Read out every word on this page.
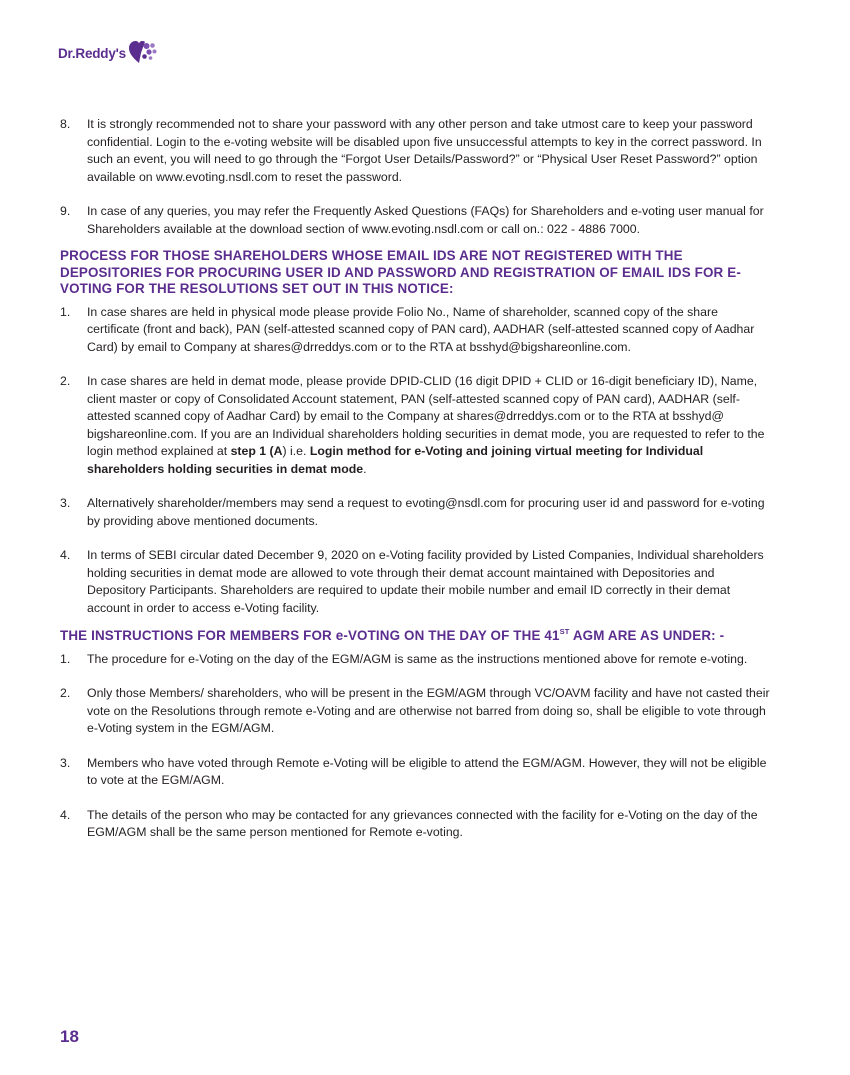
Dr.Reddy's
8.	It is strongly recommended not to share your password with any other person and take utmost care to keep your password confidential. Login to the e-voting website will be disabled upon five unsuccessful attempts to key in the correct password. In such an event, you will need to go through the “Forgot User Details/Password?” or “Physical User Reset Password?” option available on www.evoting.nsdl.com to reset the password.
9.	In case of any queries, you may refer the Frequently Asked Questions (FAQs) for Shareholders and e-voting user manual for Shareholders available at the download section of www.evoting.nsdl.com or call on.: 022 - 4886 7000.
PROCESS FOR THOSE SHAREHOLDERS WHOSE EMAIL IDS ARE NOT REGISTERED WITH THE DEPOSITORIES FOR PROCURING USER ID AND PASSWORD AND REGISTRATION OF EMAIL IDS FOR E-VOTING FOR THE RESOLUTIONS SET OUT IN THIS NOTICE:
1.	In case shares are held in physical mode please provide Folio No., Name of shareholder, scanned copy of the share certificate (front and back), PAN (self-attested scanned copy of PAN card), AADHAR (self-attested scanned copy of Aadhar Card) by email to Company at shares@drreddys.com or to the RTA at bsshyd@bigshareonline.com.
2.	In case shares are held in demat mode, please provide DPID-CLID (16 digit DPID + CLID or 16-digit beneficiary ID), Name, client master or copy of Consolidated Account statement, PAN (self-attested scanned copy of PAN card), AADHAR (self-attested scanned copy of Aadhar Card) by email to the Company at shares@drreddys.com or to the RTA at bsshyd@ bigshareonline.com. If you are an Individual shareholders holding securities in demat mode, you are requested to refer to the login method explained at step 1 (A) i.e. Login method for e-Voting and joining virtual meeting for Individual shareholders holding securities in demat mode.
3.	Alternatively shareholder/members may send a request to evoting@nsdl.com for procuring user id and password for e-voting by providing above mentioned documents.
4.	In terms of SEBI circular dated December 9, 2020 on e-Voting facility provided by Listed Companies, Individual shareholders holding securities in demat mode are allowed to vote through their demat account maintained with Depositories and Depository Participants. Shareholders are required to update their mobile number and email ID correctly in their demat account in order to access e-Voting facility.
THE INSTRUCTIONS FOR MEMBERS FOR e-VOTING ON THE DAY OF THE 41ST AGM ARE AS UNDER: -
1.	The procedure for e-Voting on the day of the EGM/AGM is same as the instructions mentioned above for remote e-voting.
2.	Only those Members/ shareholders, who will be present in the EGM/AGM through VC/OAVM facility and have not casted their vote on the Resolutions through remote e-Voting and are otherwise not barred from doing so, shall be eligible to vote through e-Voting system in the EGM/AGM.
3.	Members who have voted through Remote e-Voting will be eligible to attend the EGM/AGM. However, they will not be eligible to vote at the EGM/AGM.
4.	The details of the person who may be contacted for any grievances connected with the facility for e-Voting on the day of the EGM/AGM shall be the same person mentioned for Remote e-voting.
18
